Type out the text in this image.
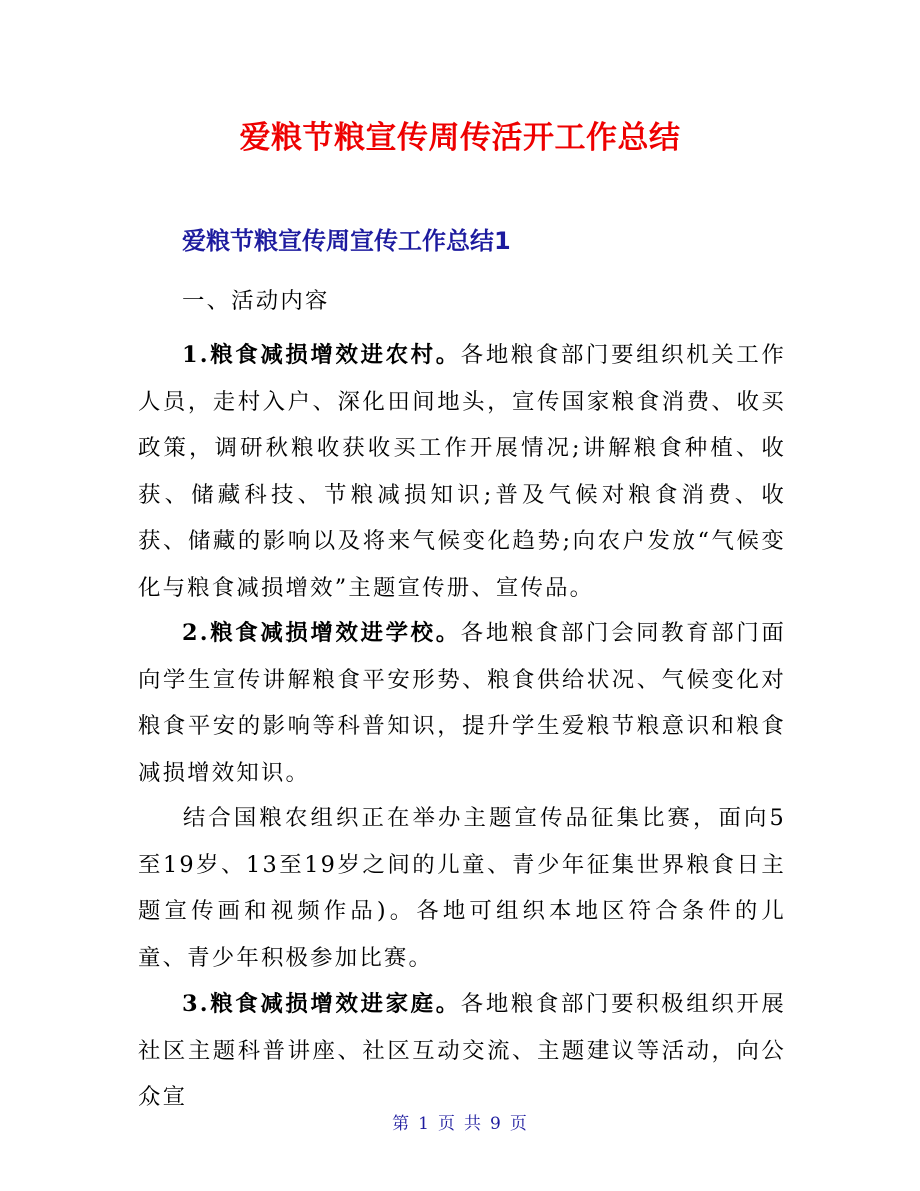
爱粮节粮宣传周传活开工作总结
爱粮节粮宣传周宣传工作总结1
一、活动内容

1.粮食减损增效进农村。各地粮食部门要组织机关工作人员，走村入户、深化田间地头，宣传国家粮食消费、收买政策，调研秋粮收获收买工作开展情况;讲解粮食种植、收获、储藏科技、节粮减损知识;普及气候对粮食消费、收获、储藏的影响以及将来气候变化趋势;向农户发放“气候变化与粮食减损增效”主题宣传册、宣传品。

2.粮食减损增效进学校。各地粮食部门会同教育部门面向学生宣传讲解粮食平安形势、粮食供给状况、气候变化对粮食平安的影响等科普知识，提升学生爱粮节粮意识和粮食减损增效知识。

结合国粮农组织正在举办主题宣传品征集比赛，面向5至19岁、13至19岁之间的儿童、青少年征集世界粮食日主题宣传画和视频作品)。各地可组织本地区符合条件的儿童、青少年积极参加比赛。

3.粮食减损增效进家庭。各地粮食部门要积极组织开展社区主题科普讲座、社区互动交流、主题建议等活动，向公众宣

第 1 页 共 9 页
